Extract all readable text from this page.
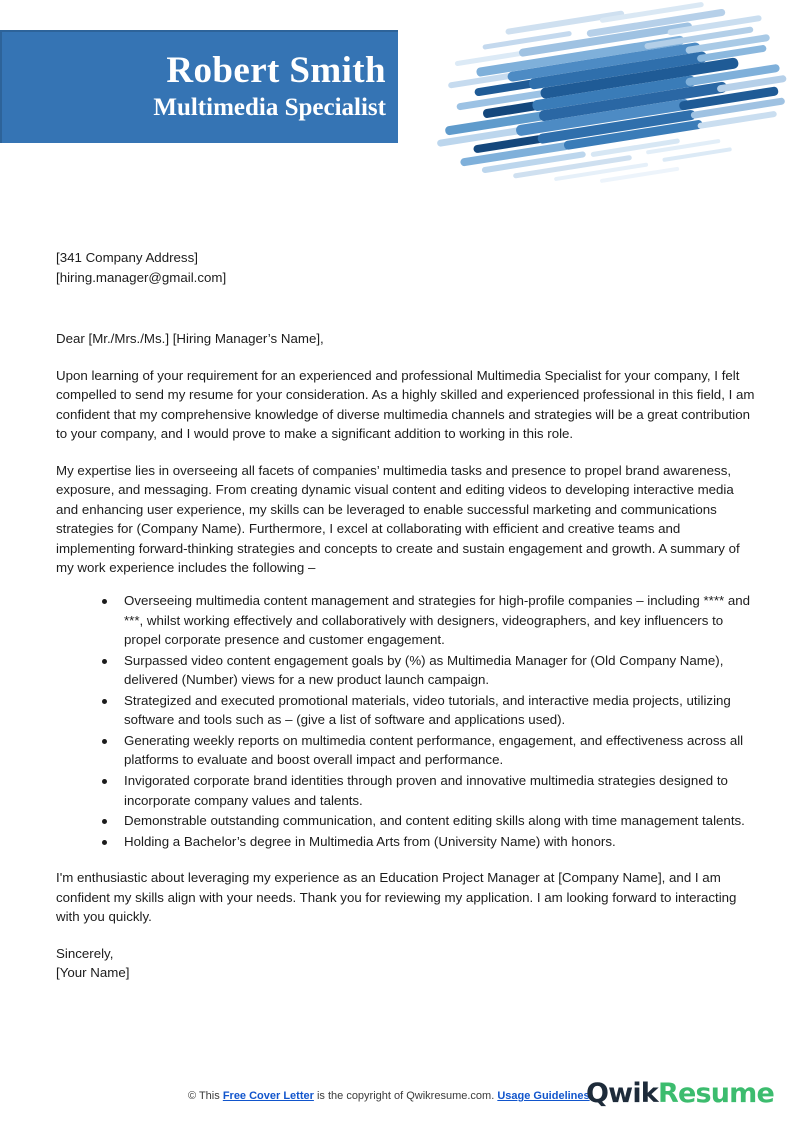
Robert Smith
Multimedia Specialist
[341 Company Address]
[hiring.manager@gmail.com]
Dear [Mr./Mrs./Ms.] [Hiring Manager’s Name],

Upon learning of your requirement for an experienced and professional Multimedia Specialist for your company, I felt compelled to send my resume for your consideration. As a highly skilled and experienced professional in this field, I am confident that my comprehensive knowledge of diverse multimedia channels and strategies will be a great contribution to your company, and I would prove to make a significant addition to working in this role.

My expertise lies in overseeing all facets of companies’ multimedia tasks and presence to propel brand awareness, exposure, and messaging. From creating dynamic visual content and editing videos to developing interactive media and enhancing user experience, my skills can be leveraged to enable successful marketing and communications strategies for (Company Name). Furthermore, I excel at collaborating with efficient and creative teams and implementing forward-thinking strategies and concepts to create and sustain engagement and growth. A summary of my work experience includes the following –

Overseeing multimedia content management and strategies for high-profile companies – including **** and ***, whilst working effectively and collaboratively with designers, videographers, and key influencers to propel corporate presence and customer engagement.
Surpassed video content engagement goals by (%) as Multimedia Manager for (Old Company Name), delivered (Number) views for a new product launch campaign.
Strategized and executed promotional materials, video tutorials, and interactive media projects, utilizing software and tools such as – (give a list of software and applications used).
Generating weekly reports on multimedia content performance, engagement, and effectiveness across all platforms to evaluate and boost overall impact and performance.
Invigorated corporate brand identities through proven and innovative multimedia strategies designed to incorporate company values and talents.
Demonstrable outstanding communication, and content editing skills along with time management talents.
Holding a Bachelor’s degree in Multimedia Arts from (University Name) with honors.

I'm enthusiastic about leveraging my experience as an Education Project Manager at [Company Name], and I am confident my skills align with your needs. Thank you for reviewing my application. I am looking forward to interacting with you quickly.

Sincerely,
[Your Name]
© This Free Cover Letter is the copyright of Qwikresume.com. Usage Guidelines
QwikResume
